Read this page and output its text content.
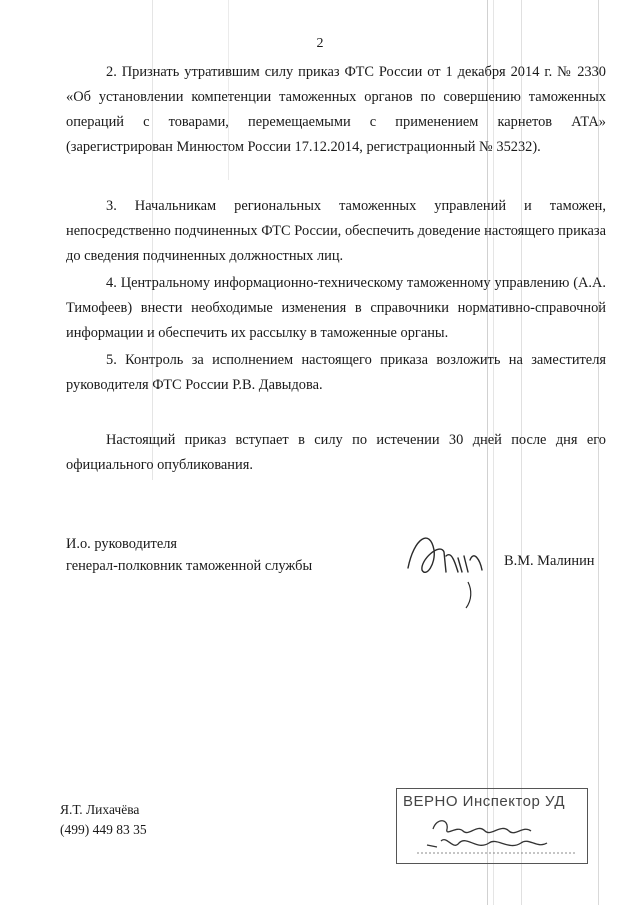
2

2. Признать утратившим силу приказ ФТС России от 1 декабря 2014 г. № 2330 «Об установлении компетенции таможенных органов по совершению таможенных операций с товарами, перемещаемыми с применением карнетов АТА» (зарегистрирован Минюстом России 17.12.2014, регистрационный № 35232).

3. Начальникам региональных таможенных управлений и таможен, непосредственно подчиненных ФТС России, обеспечить доведение настоящего приказа до сведения подчиненных должностных лиц.

4. Центральному информационно-техническому таможенному управлению (А.А. Тимофеев) внести необходимые изменения в справочники нормативно-справочной информации и обеспечить их рассылку в таможенные органы.

5. Контроль за исполнением настоящего приказа возложить на заместителя руководителя ФТС России Р.В. Давыдова.

Настоящий приказ вступает в силу по истечении 30 дней после дня его официального опубликования.

И.о. руководителя
генерал-полковник таможенной службы	В.М. Малинин
Я.Т. Лихачёва
(499) 449 83 35
ВЕРНО Инспектор УД
